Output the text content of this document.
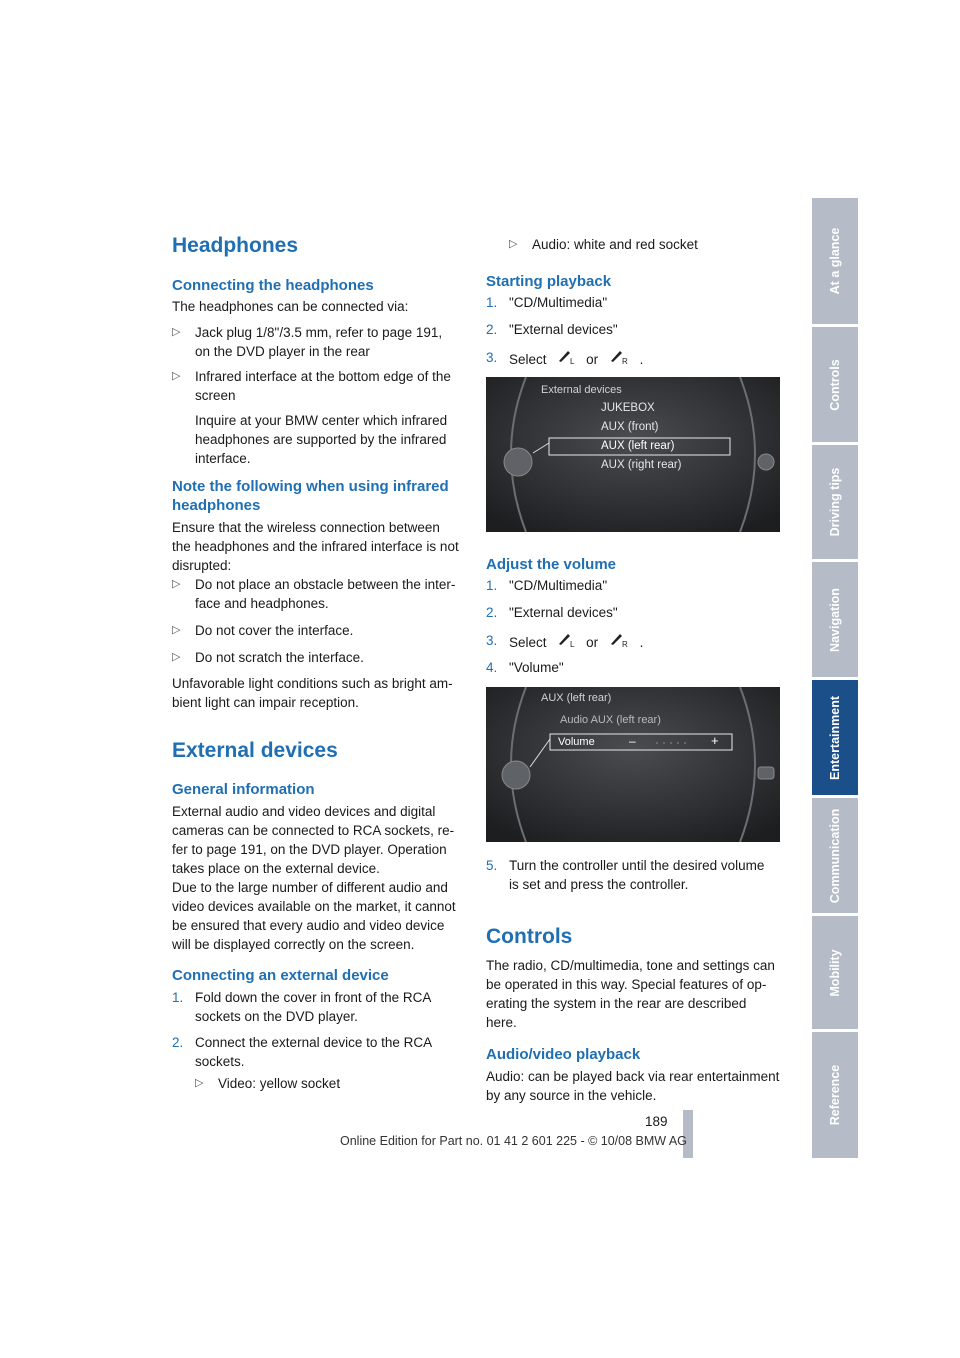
Headphones
Connecting the headphones
The headphones can be connected via:
▷ Jack plug 1/8"/3.5 mm, refer to page 191,
on the DVD player in the rear
▷ Infrared interface at the bottom edge of the
screen
Inquire at your BMW center which infrared
headphones are supported by the infrared
interface.
Note the following when using infrared
headphones
Ensure that the wireless connection between
the headphones and the infrared interface is not
disrupted:
▷ Do not place an obstacle between the inter-
face and headphones.
▷ Do not cover the interface.
▷ Do not scratch the interface.
Unfavorable light conditions such as bright am-
bient light can impair reception.
External devices
General information
External audio and video devices and digital
cameras can be connected to RCA sockets, re-
fer to page 191, on the DVD player. Operation
takes place on the external device.
Due to the large number of different audio and
video devices available on the market, it cannot
be ensured that every audio and video device
will be displayed correctly on the screen.
Connecting an external device
1. Fold down the cover in front of the RCA
sockets on the DVD player.
2. Connect the external device to the RCA
sockets.
▷ Video: yellow socket
▷ Audio: white and red socket
Starting playback
1. "CD/Multimedia"
2. "External devices"
3. Select	L or	R .
External devices
JUKEBOX
AUX (front)
AUX (left rear)
AUX (right rear)
Adjust the volume
1. "CD/Multimedia"
2. "External devices"
3. Select	L or	R .
4. "Volume"
AUX (left rear)
Audio AUX (left rear)
Volume	–	+
5. Turn the controller until the desired volume
is set and press the controller.
Controls
The radio, CD/multimedia, tone and settings can
be operated in this way. Special features of op-
erating the system in the rear are described
here.
Audio/video playback
Audio: can be played back via rear entertainment
by any source in the vehicle.
189
Online Edition for Part no. 01 41 2 601 225 - © 10/08 BMW AG
At a glance
Controls
Driving tips
Navigation
Entertainment
Communication
Mobility
Reference
